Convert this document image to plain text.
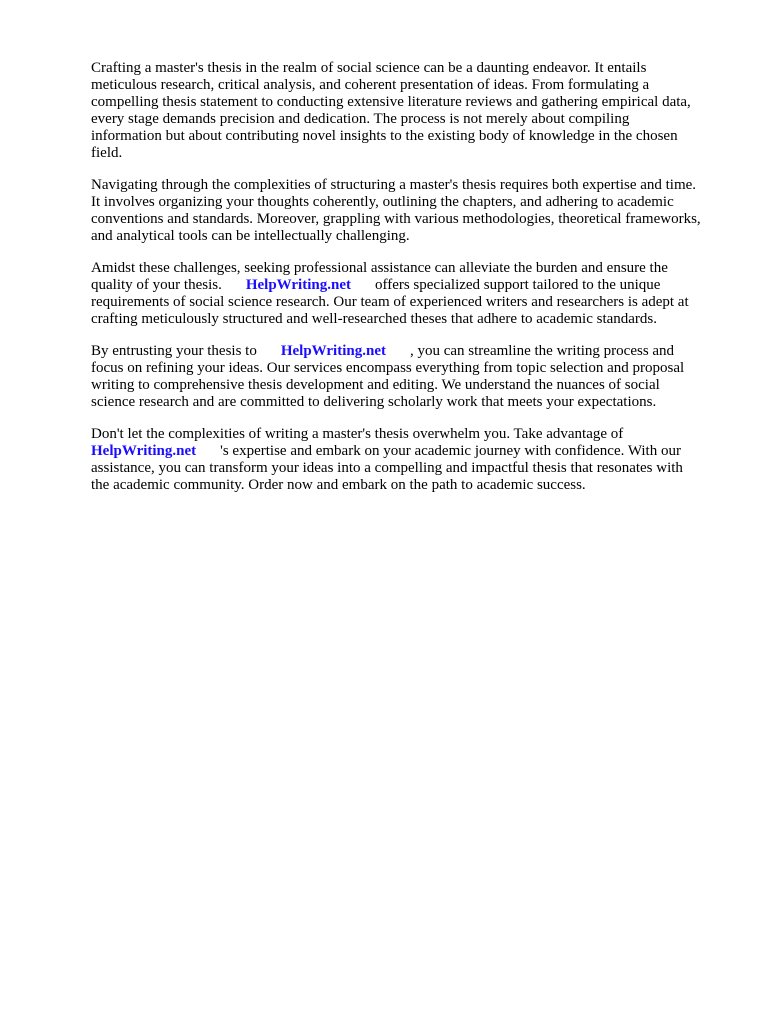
Crafting a master's thesis in the realm of social science can be a daunting endeavor. It entails
meticulous research, critical analysis, and coherent presentation of ideas. From formulating a
compelling thesis statement to conducting extensive literature reviews and gathering empirical data,
every stage demands precision and dedication. The process is not merely about compiling
information but about contributing novel insights to the existing body of knowledge in the chosen
field.

Navigating through the complexities of structuring a master's thesis requires both expertise and time.
It involves organizing your thoughts coherently, outlining the chapters, and adhering to academic
conventions and standards. Moreover, grappling with various methodologies, theoretical frameworks,
and analytical tools can be intellectually challenging.

Amidst these challenges, seeking professional assistance can alleviate the burden and ensure the
quality of your thesis. HelpWriting.net offers specialized support tailored to the unique
requirements of social science research. Our team of experienced writers and researchers is adept at
crafting meticulously structured and well-researched theses that adhere to academic standards.

By entrusting your thesis to HelpWriting.net , you can streamline the writing process and
focus on refining your ideas. Our services encompass everything from topic selection and proposal
writing to comprehensive thesis development and editing. We understand the nuances of social
science research and are committed to delivering scholarly work that meets your expectations.

Don't let the complexities of writing a master's thesis overwhelm you. Take advantage of
HelpWriting.net 's expertise and embark on your academic journey with confidence. With our
assistance, you can transform your ideas into a compelling and impactful thesis that resonates with
the academic community. Order now and embark on the path to academic success.
